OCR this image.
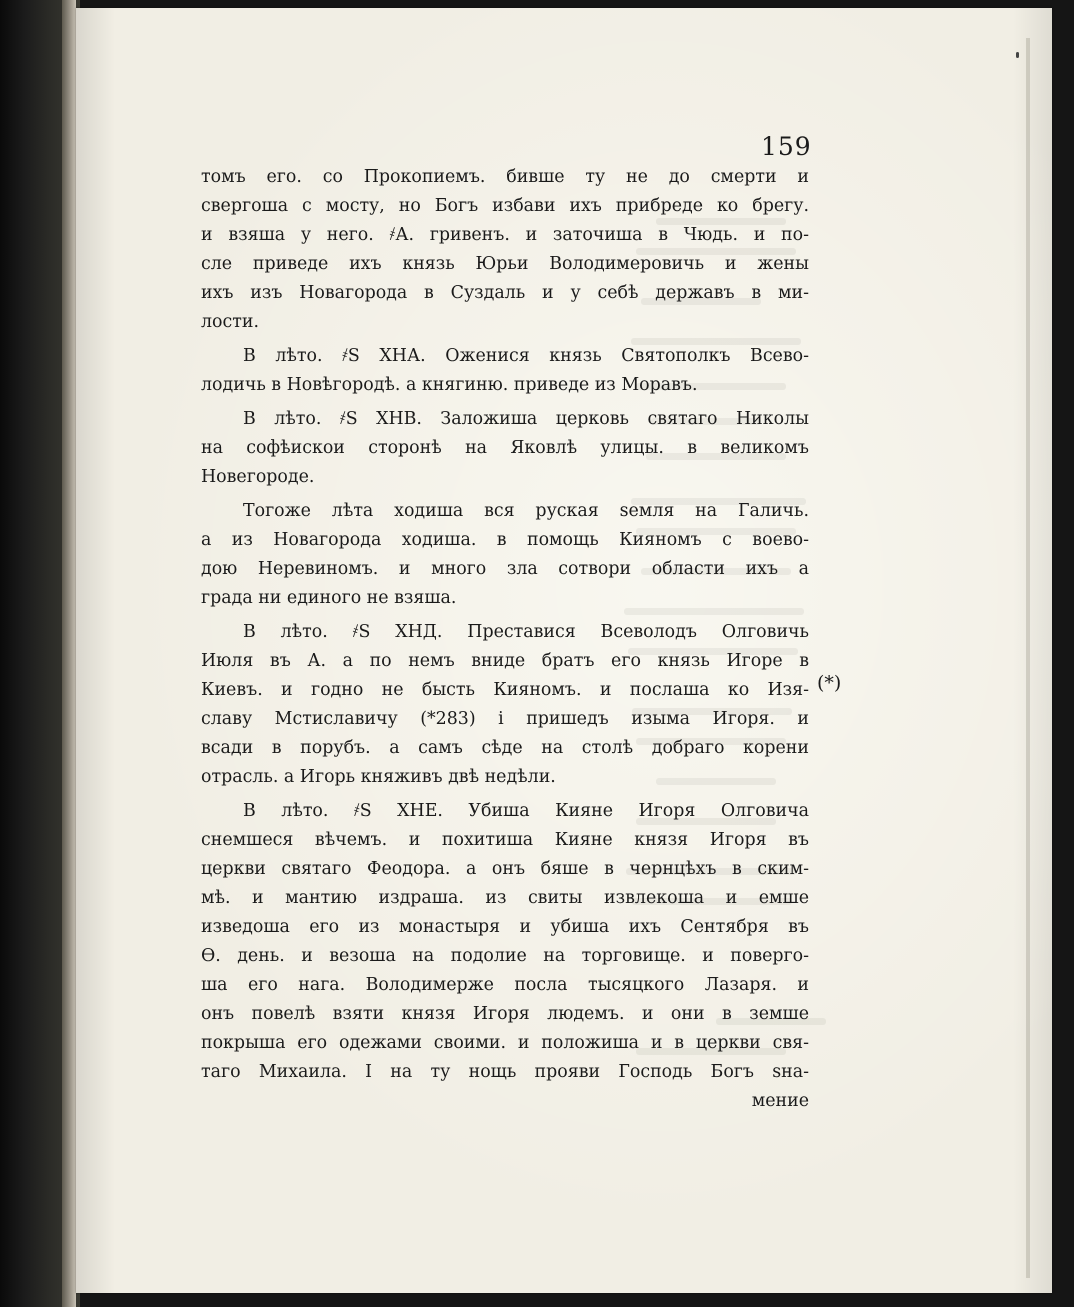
159
томъ его. со Прокопиемъ. бивше ту не до смерти и
свергоша с мосту, но Богъ избави ихъ прибреде ко брегу.
и взяша у него. ҂А. гривенъ. и заточиша в Чюдь. и по-
сле приведе ихъ князь Юрьи Володимеровичь и жены
ихъ изъ Новагорода в Суздаль и у себѣ державъ в ми-
лости.
В лѣто. ҂Ѕ ХНА. Оженися князь Святополкъ Всево-
лодичь в Новѣгородѣ. а княгиню. приведе из Моравъ.
В лѣто. ҂Ѕ ХНВ. Заложиша церковь святаго Николы
на софѣискои сторонѣ на Яковлѣ улицы. в великомъ
Новегороде.
Тогоже лѣта ходиша вся руская ѕемля на Галичь.
а из Новагорода ходиша. в помощь Кияномъ с воево-
дою Неревиномъ. и много зла сотвори области ихъ а
града ни единого не взяша.
В лѣто. ҂Ѕ ХНД. Преставися Всеволодъ Олговичь
Июля въ А. а по немъ вниде братъ его князь Игоре в
Киевъ. и годно не бысть Кияномъ. и послаша ко Изя-
славу Мстиславичу (*283) і пришедъ изыма Игоря. и
всади в порубъ. а самъ сѣде на столѣ добраго корени
отрасль. а Игорь княживъ двѣ недѣли.
В лѣто. ҂Ѕ ХНЕ. Убиша Кияне Игоря Олговича
снемшеся вѣчемъ. и похитиша Кияне князя Игоря въ
церкви святаго Феодора. а онъ бяше в чернцѣхъ в ским-
мѣ. и мантию издраша. из свиты извлекоша и емше
изведоша его из монастыря и убиша ихъ Сентября въ
Ѳ. день. и везоша на подолие на торговище. и поверго-
ша его нага. Володимерже посла тысяцкого Лазаря. и
онъ повелѣ взяти князя Игоря людемъ. и они в земше
покрыша его одежами своими. и положиша и в церкви свя-
таго Михаила. І на ту нощь прояви Господь Богъ ѕна-
мение
(*)
